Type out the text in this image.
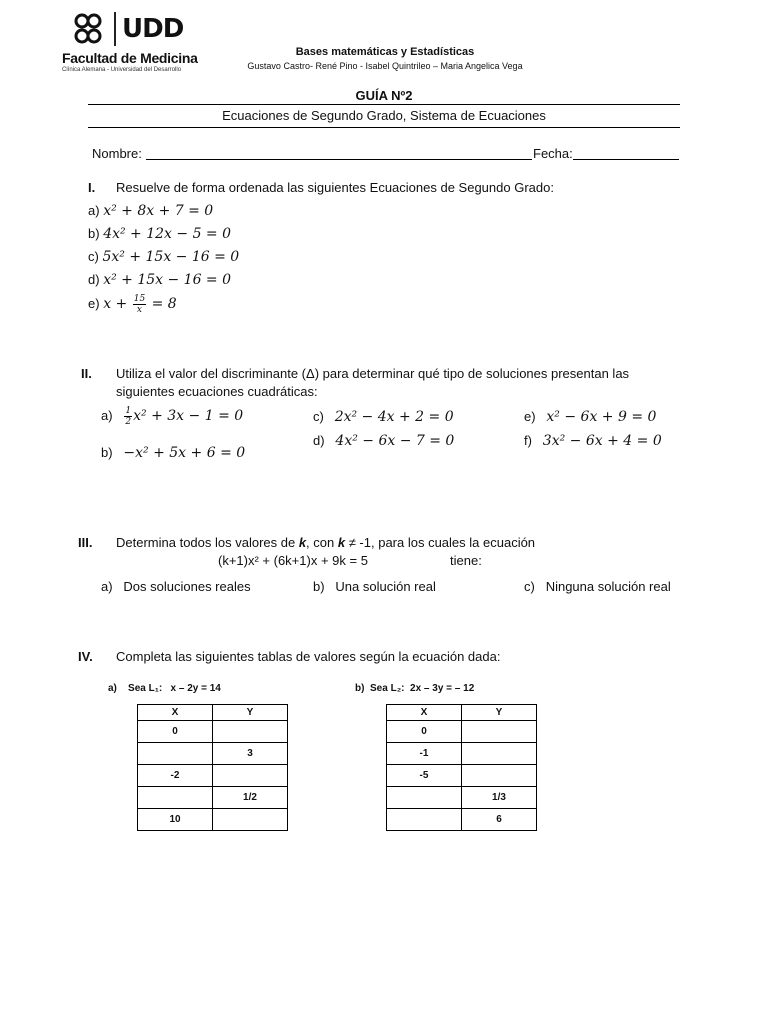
UDD
Facultad de Medicina
Clínica Alemana - Universidad del Desarrollo
Bases matemáticas y Estadísticas
Gustavo Castro- René Pino - Isabel Quintrileo – Maria Angelica Vega
GUÍA Nº2
Ecuaciones de Segundo Grado, Sistema de Ecuaciones
Nombre:	Fecha:
I. Resuelve de forma ordenada las siguientes Ecuaciones de Segundo Grado:
a) x² + 8x + 7 = 0
b) 4x² + 12x − 5 = 0
c) 5x² + 15x − 16 = 0
d) x² + 15x − 16 = 0
e) $x + \frac{15}{x} = 8$
II. Utiliza el valor del discriminante (Δ) para determinar qué tipo de soluciones presentan las
siguientes ecuaciones cuadráticas:
$a) \frac{1}{2} x^2 + 3x - 1 = 0$
b) −x² + 5x + 6 = 0
c) 2x² − 4x + 2 = 0
d) 4x² − 6x − 7 = 0
e) x² − 6x + 9 = 0
f) 3x² − 6x + 4 = 0
III. Determina todos los valores de k, con k ≠ -1, para los cuales la ecuación
(k+1)x² + (6k+1)x + 9k = 5	tiene:
a) Dos soluciones reales	b) Una solución real	c) Ninguna solución real
IV. Completa las siguientes tablas de valores según la ecuación dada:
a) Sea L₁: x – 2y = 14
X	Y
0	
	3
-2	
	1/2
10	
b) Sea L₂: 2x – 3y = – 12
X	Y
0	
-1	
-5	
	1/3
	6
